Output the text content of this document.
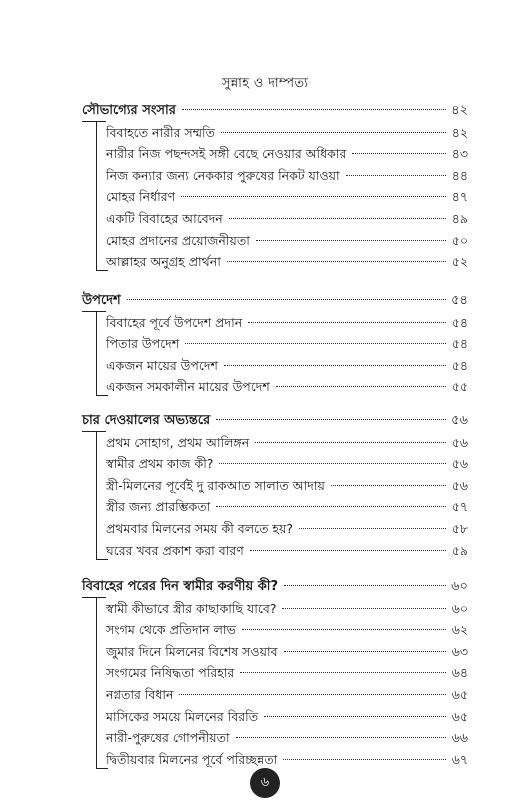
সুন্নাহ ও দাম্পত্য
সৌভাগ্যের সংসার	৪২
বিবাহতে নারীর সম্মতি	৪২
নারীর নিজ পছন্দসই সঙ্গী বেছে নেওয়ার অধিকার	৪৩
নিজ কন্যার জন্য নেককার পুরুষের নিকট যাওয়া	৪৪
মোহর নির্ধারণ	৪৭
একটি বিবাহের আবেদন	৪৯
মোহর প্রদানের প্রয়োজনীয়তা	৫০
আল্লাহর অনুগ্রহ প্রার্থনা	৫২
উপদেশ	৫৪
বিবাহের পূর্বে উপদেশ প্রদান	৫৪
পিতার উপদেশ	৫৪
একজন মায়ের উপদেশ	৫৪
একজন সমকালীন মায়ের উপদেশ	৫৫
চার দেওয়ালের অভ্যন্তরে	৫৬
প্রথম সোহাগ, প্রথম আলিঙ্গন	৫৬
স্বামীর প্রথম কাজ কী?	৫৬
স্ত্রী-মিলনের পূর্বেই দু রাকআত সালাত আদায়	৫৬
স্ত্রীর জন্য প্রারম্ভিকতা	৫৭
প্রথমবার মিলনের সময় কী বলতে হয়?	৫৮
ঘরের খবর প্রকাশ করা বারণ	৫৯
বিবাহের পরের দিন স্বামীর করণীয় কী?	৬০
স্বামী কীভাবে স্ত্রীর কাছাকাছি যাবে?	৬০
সংগম থেকে প্রতিদান লাভ	৬২
জুমার দিনে মিলনের বিশেষ সওয়াব	৬৩
সংগমের নিষিদ্ধতা পরিহার	৬৪
নগ্নতার বিধান	৬৫
মাসিকের সময়ে মিলনের বিরতি	৬৫
নারী-পুরুষের গোপনীয়তা	৬৬
দ্বিতীয়বার মিলনের পূর্বে পরিচ্ছন্নতা	৬৭
৬
